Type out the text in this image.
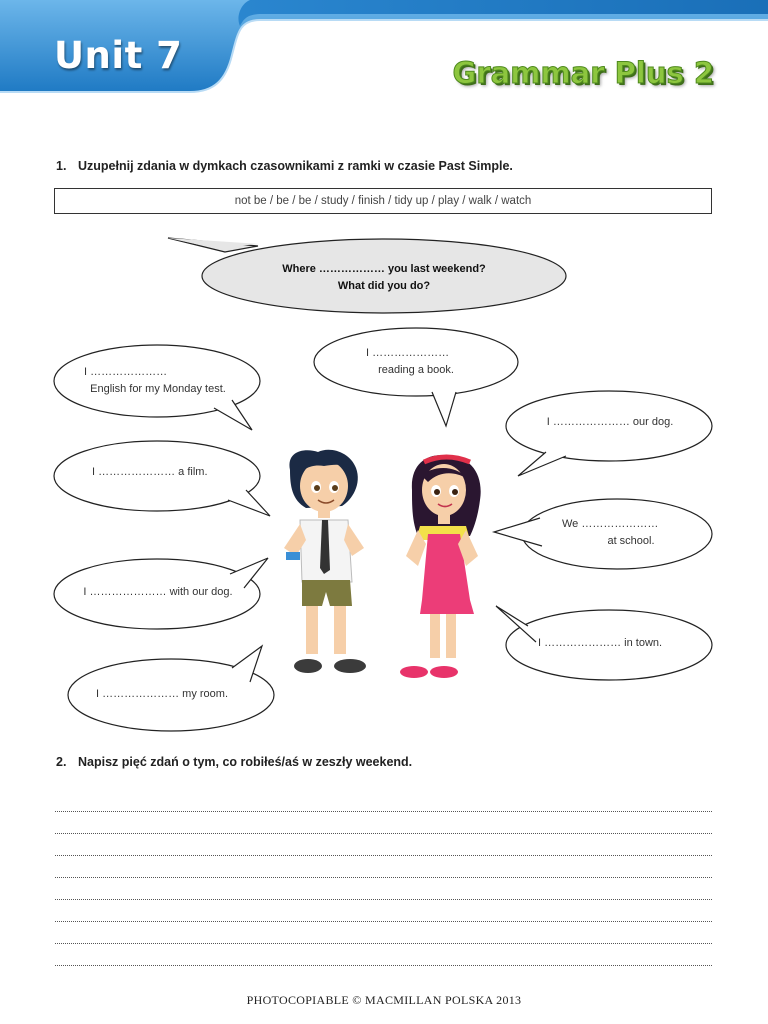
Unit 7	Grammar Plus 2
1. Uzupełnij zdania w dymkach czasownikami z ramki w czasie Past Simple.
not be / be / be / study / finish / tidy up / play / walk / watch
Where ……………… you last weekend?
What did you do?
I …………………
English for my Monday test.
I …………………
reading a book.
I ………………… our dog.
I ………………… a film.
We …………………
at school.
I ………………… with our dog.
I ………………… in town.
I ………………… my room.
2. Napisz pięć zdań o tym, co robiłeś/aś w zeszły weekend.
PHOTOCOPIABLE © MACMILLAN POLSKA 2013
